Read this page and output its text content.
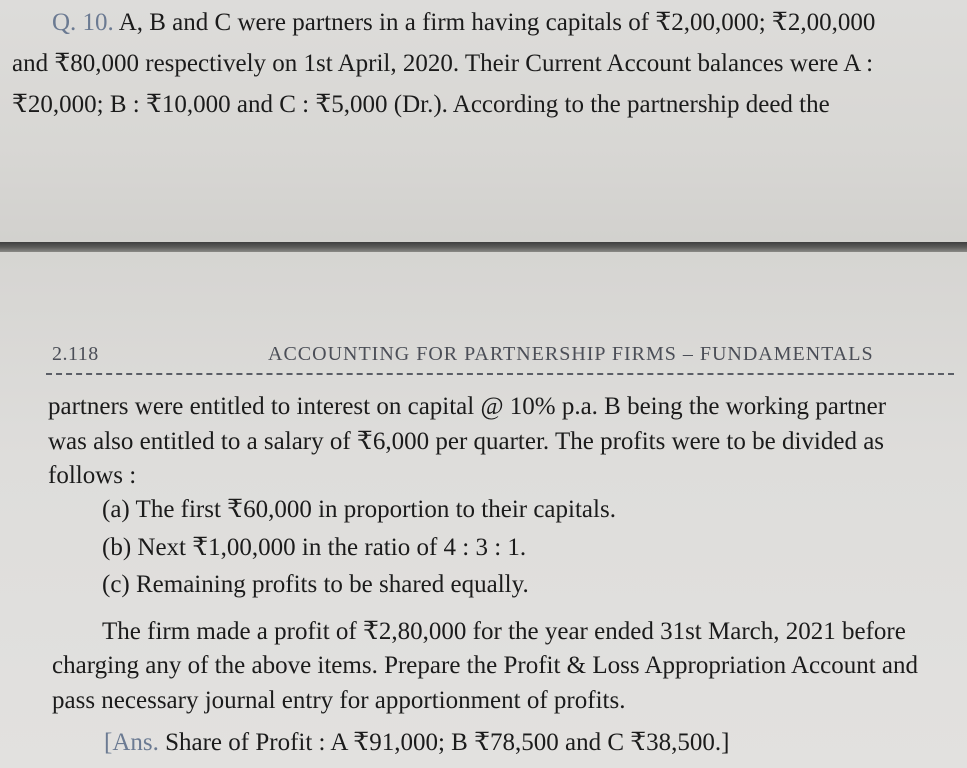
Q. 10. A, B and C were partners in a firm having capitals of ₹2,00,000; ₹2,00,000
and ₹80,000 respectively on 1st April, 2020. Their Current Account balances were A :
₹20,000; B : ₹10,000 and C : ₹5,000 (Dr.). According to the partnership deed the
2.118	ACCOUNTING FOR PARTNERSHIP FIRMS – FUNDAMENTALS
partners were entitled to interest on capital @ 10% p.a. B being the working partner
was also entitled to a salary of ₹6,000 per quarter. The profits were to be divided as
follows :
(a) The first ₹60,000 in proportion to their capitals.
(b) Next ₹1,00,000 in the ratio of 4 : 3 : 1.
(c) Remaining profits to be shared equally.
The firm made a profit of ₹2,80,000 for the year ended 31st March, 2021 before
charging any of the above items. Prepare the Profit & Loss Appropriation Account and
pass necessary journal entry for apportionment of profits.
[Ans. Share of Profit : A ₹91,000; B ₹78,500 and C ₹38,500.]
